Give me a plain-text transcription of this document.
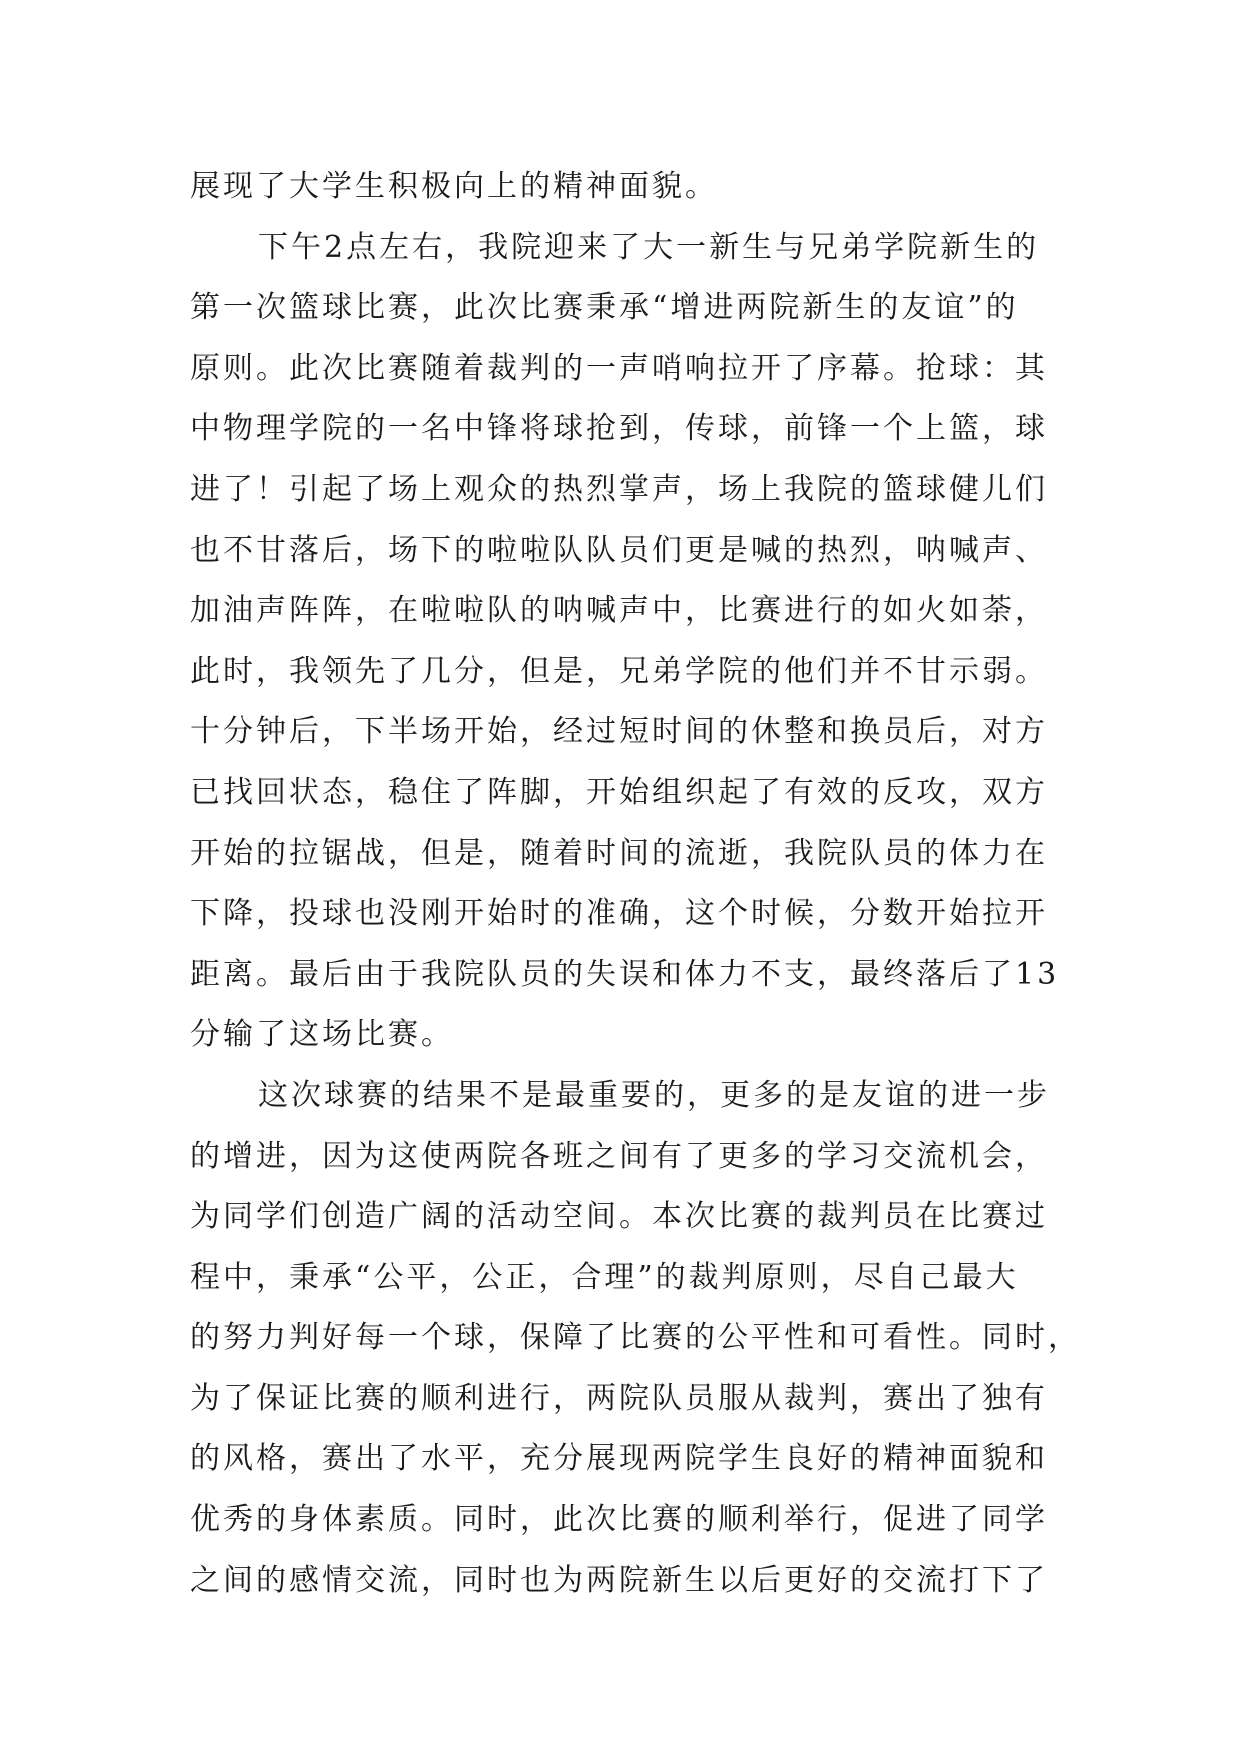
展现了大学生积极向上的精神面貌。
下午2点左右，我院迎来了大一新生与兄弟学院新生的
第一次篮球比赛，此次比赛秉承“增进两院新生的友谊”的
原则。此次比赛随着裁判的一声哨响拉开了序幕。抢球：其
中物理学院的一名中锋将球抢到，传球，前锋一个上篮，球
进了！引起了场上观众的热烈掌声，场上我院的篮球健儿们
也不甘落后，场下的啦啦队队员们更是喊的热烈，呐喊声、
加油声阵阵，在啦啦队的呐喊声中，比赛进行的如火如荼，
此时，我领先了几分，但是，兄弟学院的他们并不甘示弱。
十分钟后，下半场开始，经过短时间的休整和换员后，对方
已找回状态，稳住了阵脚，开始组织起了有效的反攻，双方
开始的拉锯战，但是，随着时间的流逝，我院队员的体力在
下降，投球也没刚开始时的准确，这个时候，分数开始拉开
距离。最后由于我院队员的失误和体力不支，最终落后了13
分输了这场比赛。
这次球赛的结果不是最重要的，更多的是友谊的进一步
的增进，因为这使两院各班之间有了更多的学习交流机会，
为同学们创造广阔的活动空间。本次比赛的裁判员在比赛过
程中，秉承“公平，公正，合理”的裁判原则，尽自己最大
的努力判好每一个球，保障了比赛的公平性和可看性。同时，
为了保证比赛的顺利进行，两院队员服从裁判，赛出了独有
的风格，赛出了水平，充分展现两院学生良好的精神面貌和
优秀的身体素质。同时，此次比赛的顺利举行，促进了同学
之间的感情交流，同时也为两院新生以后更好的交流打下了
